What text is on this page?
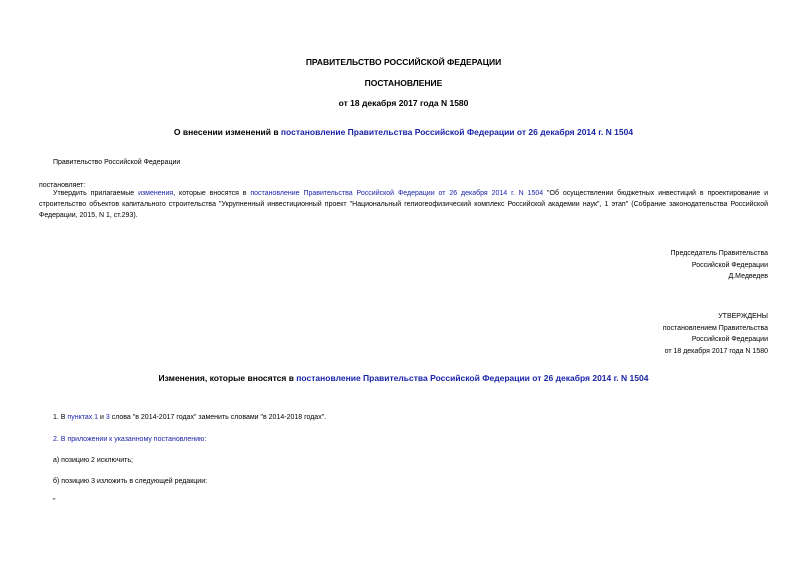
ПРАВИТЕЛЬСТВО РОССИЙСКОЙ ФЕДЕРАЦИИ
ПОСТАНОВЛЕНИЕ
от 18 декабря 2017 года N 1580
О внесении изменений в постановление Правительства Российской Федерации от 26 декабря 2014 г. N 1504
Правительство Российской Федерации
постановляет:
Утвердить прилагаемые изменения, которые вносятся в постановление Правительства Российской Федерации от 26 декабря 2014 г. N 1504 "Об осуществлении бюджетных инвестиций в проектирование и строительство объектов капитального строительства "Укрупненный инвестиционный проект "Национальный гелиогеофизический комплекс Российской академии наук", 1 этап" (Собрание законодательства Российской Федерации, 2015, N 1, ст.293).
Председатель Правительства
Российской Федерации
Д.Медведев
УТВЕРЖДЕНЫ
постановлением Правительства
Российской Федерации
от 18 декабря 2017 года N 1580
Изменения, которые вносятся в постановление Правительства Российской Федерации от 26 декабря 2014 г. N 1504
1. В пунктах 1 и 3 слова "в 2014-2017 годах" заменить словами "в 2014-2018 годах".
2. В приложении к указанному постановлению:
а) позицию 2 исключить;
б) позицию 3 изложить в следующей редакции:
"
